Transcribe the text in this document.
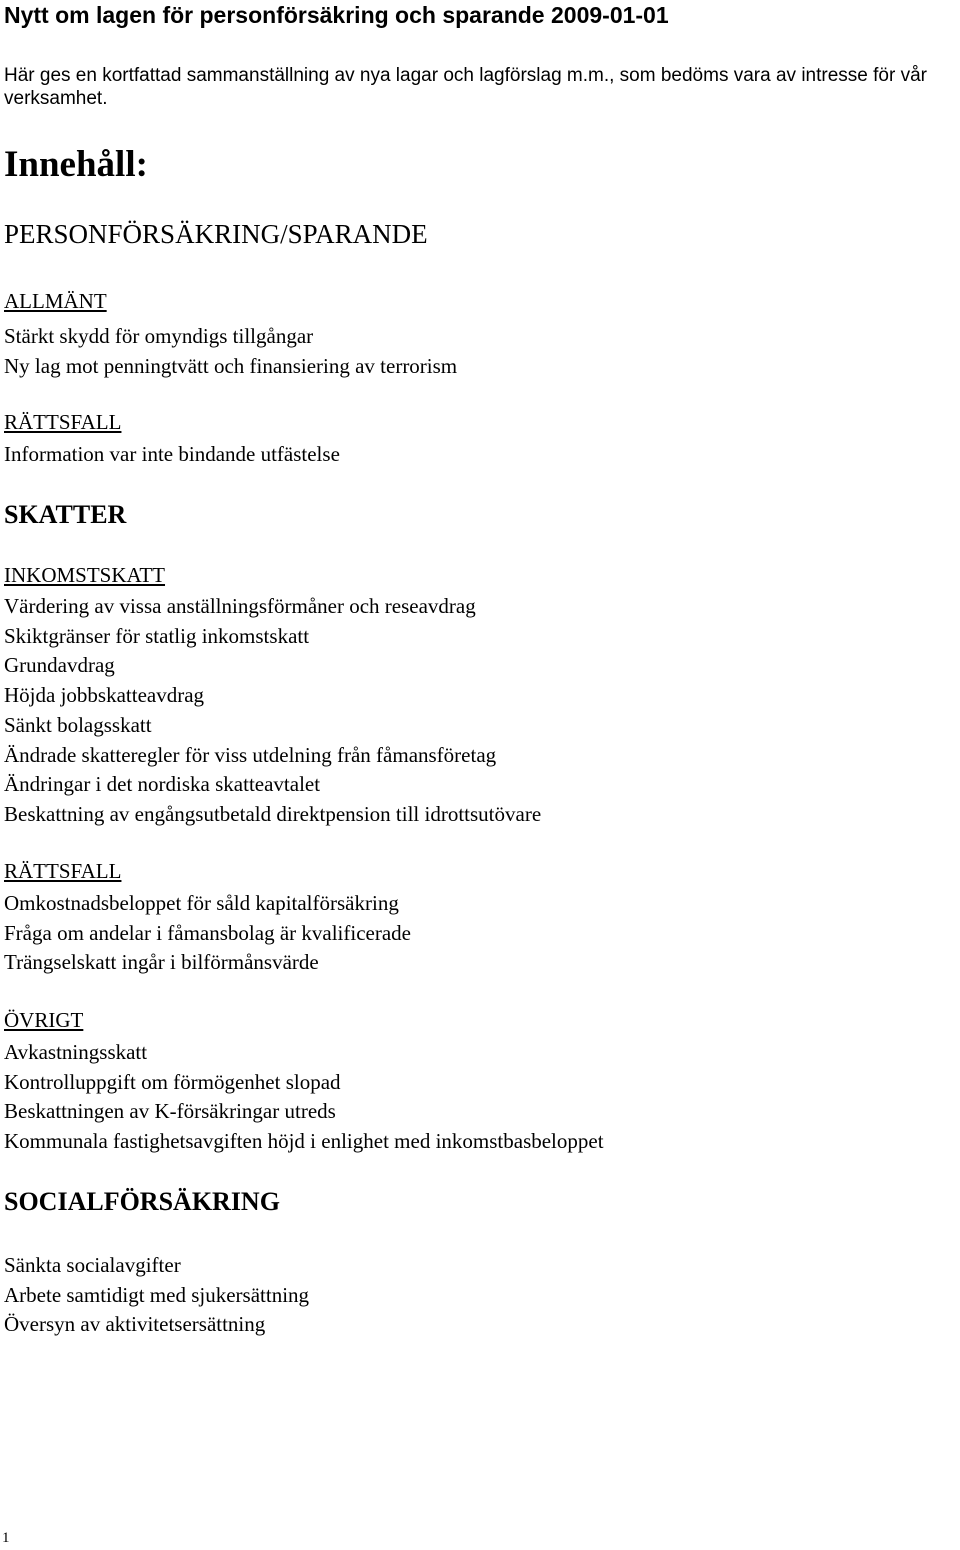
Nytt om lagen för personförsäkring och sparande 2009-01-01
Här ges en kortfattad sammanställning av nya lagar och lagförslag m.m., som bedöms vara av intresse för vår verksamhet.
Innehåll:
PERSONFÖRSÄKRING/SPARANDE
ALLMÄNT
Stärkt skydd för omyndigs tillgångar
Ny lag mot penningtvätt och finansiering av terrorism
RÄTTSFALL
Information var inte bindande utfästelse
SKATTER
INKOMSTSKATT
Värdering av vissa anställningsförmåner och reseavdrag
Skiktgränser för statlig inkomstskatt
Grundavdrag
Höjda jobbskatteavdrag
Sänkt bolagsskatt
Ändrade skatteregler för viss utdelning från fåmansföretag
Ändringar i det nordiska skatteavtalet
Beskattning av engångsutbetald direktpension till idrottsutövare
RÄTTSFALL
Omkostnadsbeloppet för såld kapitalförsäkring
Fråga om andelar i fåmansbolag är kvalificerade
Trängselskatt ingår i bilförmånsvärde
ÖVRIGT
Avkastningsskatt
Kontrolluppgift om förmögenhet slopad
Beskattningen av K-försäkringar utreds
Kommunala fastighetsavgiften höjd i enlighet med inkomstbasbeloppet
SOCIALFÖRSÄKRING
Sänkta socialavgifter
Arbete samtidigt med sjukersättning
Översyn av aktivitetsersättning
1
